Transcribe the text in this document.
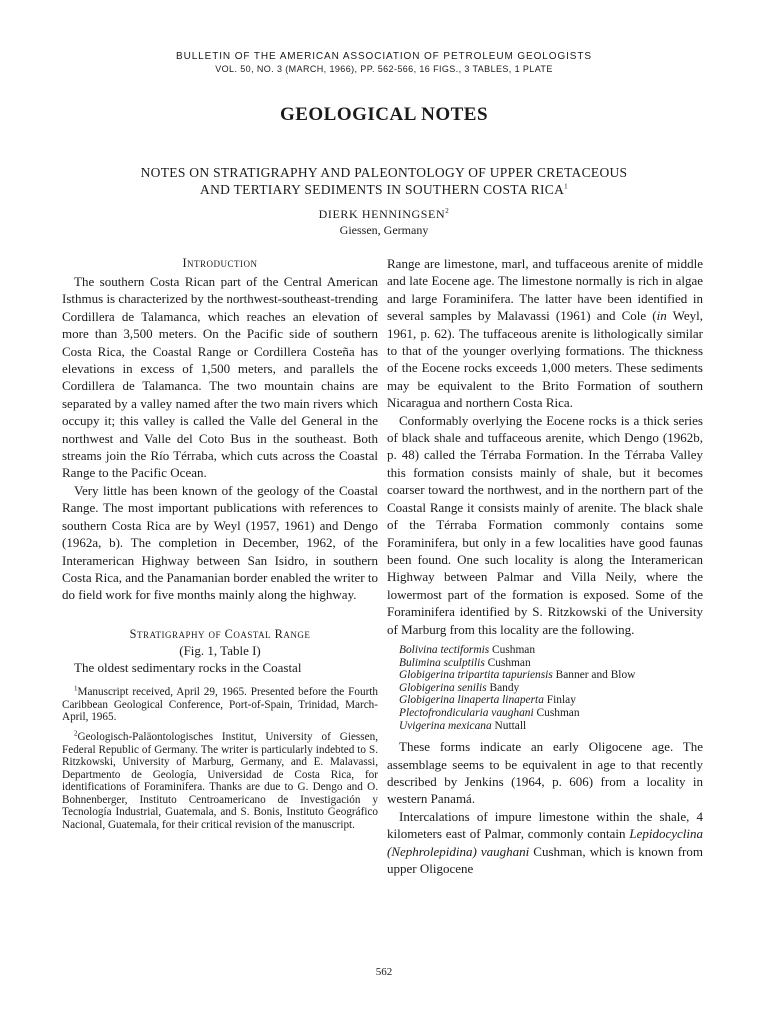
BULLETIN OF THE AMERICAN ASSOCIATION OF PETROLEUM GEOLOGISTS
VOL. 50, NO. 3 (MARCH, 1966), PP. 562-566, 16 FIGS., 3 TABLES, 1 PLATE
GEOLOGICAL NOTES
NOTES ON STRATIGRAPHY AND PALEONTOLOGY OF UPPER CRETACEOUS
AND TERTIARY SEDIMENTS IN SOUTHERN COSTA RICA$^1$
DIERK HENNINGSEN$^2$
Giessen, Germany
Introduction

The southern Costa Rican part of the Central American Isthmus is characterized by the northwest-southeast-trending Cordillera de Talamanca, which reaches an elevation of more than 3,500 meters. On the Pacific side of southern Costa Rica, the Coastal Range or Cordillera Costeña has elevations in excess of 1,500 meters, and parallels the Cordillera de Talamanca. The two mountain chains are separated by a valley named after the two main rivers which occupy it; this valley is called the Valle del General in the northwest and Valle del Coto Bus in the southeast. Both streams join the Río Térraba, which cuts across the Coastal Range to the Pacific Ocean.

Very little has been known of the geology of the Coastal Range. The most important publications with references to southern Costa Rica are by Weyl (1957, 1961) and Dengo (1962a, b). The completion in December, 1962, of the Interamerican Highway between San Isidro, in southern Costa Rica, and the Panamanian border enabled the writer to do field work for five months mainly along the highway.

Stratigraphy of Coastal Range
(Fig. 1, Table I)

The oldest sedimentary rocks in the Coastal

$^1$Manuscript received, April 29, 1965. Presented before the Fourth Caribbean Geological Conference, Port-of-Spain, Trinidad, March-April, 1965.

$^2$Geologisch-Paläontologisches Institut, University of Giessen, Federal Republic of Germany. The writer is particularly indebted to S. Ritzkowski, University of Marburg, Germany, and E. Malavassi, Departmento de Geología, Universidad de Costa Rica, for identifications of Foraminifera. Thanks are due to G. Dengo and O. Bohnenberger, Instituto Centroamericano de Investigación y Tecnología Industrial, Guatemala, and S. Bonis, Instituto Geográfico Nacional, Guatemala, for their critical revision of the manuscript.

Range are limestone, marl, and tuffaceous arenite of middle and late Eocene age. The limestone normally is rich in algae and large Foraminifera. The latter have been identified in several samples by Malavassi (1961) and Cole (in Weyl, 1961, p. 62). The tuffaceous arenite is lithologically similar to that of the younger overlying formations. The thickness of the Eocene rocks exceeds 1,000 meters. These sediments may be equivalent to the Brito Formation of southern Nicaragua and northern Costa Rica.

Conformably overlying the Eocene rocks is a thick series of black shale and tuffaceous arenite, which Dengo (1962b, p. 48) called the Térraba Formation. In the Térraba Valley this formation consists mainly of shale, but it becomes coarser toward the northwest, and in the northern part of the Coastal Range it consists mainly of arenite. The black shale of the Térraba Formation commonly contains some Foraminifera, but only in a few localities have good faunas been found. One such locality is along the Interamerican Highway between Palmar and Villa Neily, where the lowermost part of the formation is exposed. Some of the Foraminifera identified by S. Ritzkowski of the University of Marburg from this locality are the following.

Bolivina tectiformis Cushman
Bulimina sculptilis Cushman
Globigerina tripartita tapuriensis Banner and Blow
Globigerina senilis Bandy
Globigerina linaperta linaperta Finlay
Plectofrondicularia vaughani Cushman
Uvigerina mexicana Nuttall

These forms indicate an early Oligocene age. The assemblage seems to be equivalent in age to that recently described by Jenkins (1964, p. 606) from a locality in western Panamá.

Intercalations of impure limestone within the shale, 4 kilometers east of Palmar, commonly contain Lepidocyclina (Nephrolepidina) vaughani Cushman, which is known from upper Oligocene

562
